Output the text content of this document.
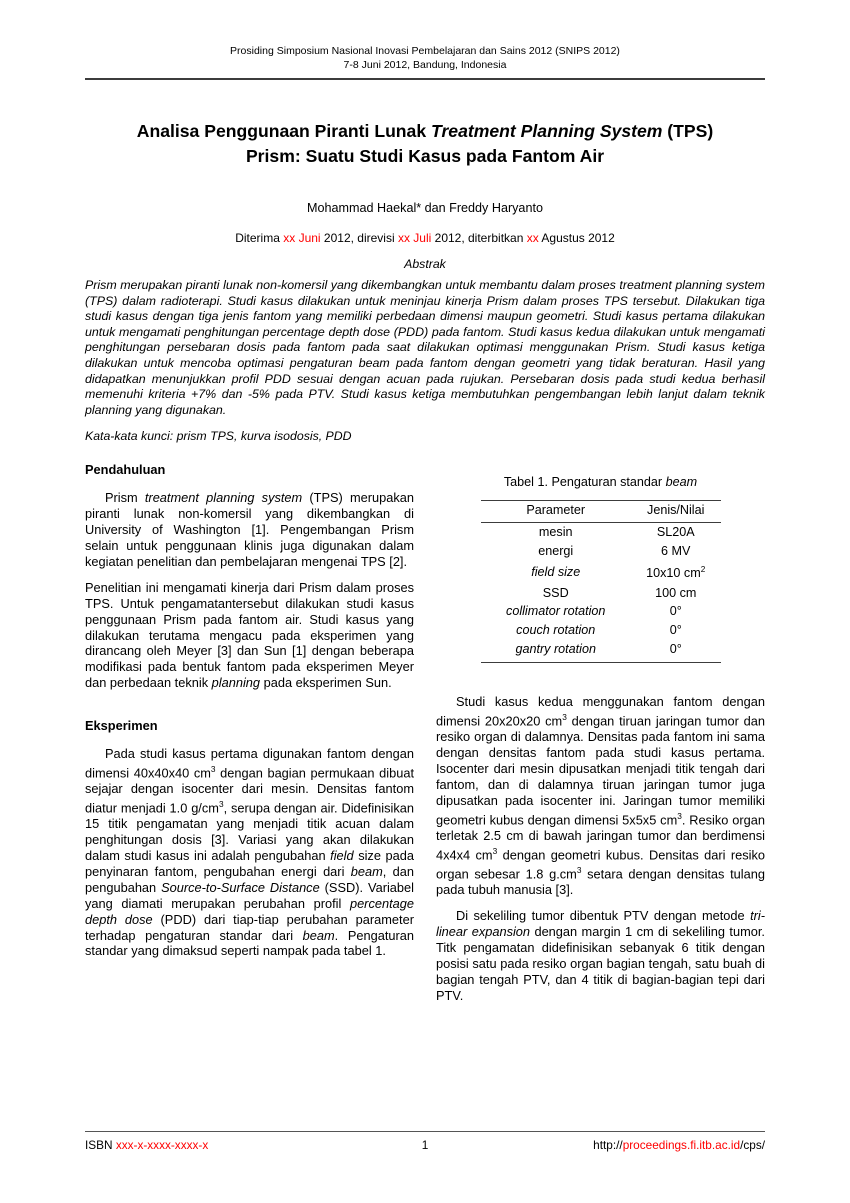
Prosiding Simposium Nasional Inovasi Pembelajaran dan Sains 2012 (SNIPS 2012)
7-8 Juni 2012, Bandung, Indonesia
Analisa Penggunaan Piranti Lunak Treatment Planning System (TPS)
Prism: Suatu Studi Kasus pada Fantom Air
Mohammad Haekal* dan Freddy Haryanto
Diterima xx Juni 2012, direvisi xx Juli 2012, diterbitkan xx Agustus 2012
Abstrak

Prism merupakan piranti lunak non-komersil yang dikembangkan untuk membantu dalam proses treatment planning system (TPS) dalam radioterapi. Studi kasus dilakukan untuk meninjau kinerja Prism dalam proses TPS tersebut. Dilakukan tiga studi kasus dengan tiga jenis fantom yang memiliki perbedaan dimensi maupun geometri. Studi kasus pertama dilakukan untuk mengamati penghitungan percentage depth dose (PDD) pada fantom. Studi kasus kedua dilakukan untuk mengamati penghitungan persebaran dosis pada fantom pada saat dilakukan optimasi menggunakan Prism. Studi kasus ketiga dilakukan untuk mencoba optimasi pengaturan beam pada fantom dengan geometri yang tidak beraturan. Hasil yang didapatkan menunjukkan profil PDD sesuai dengan acuan pada rujukan. Persebaran dosis pada studi kedua berhasil memenuhi kriteria +7% dan -5% pada PTV. Studi kasus ketiga membutuhkan pengembangan lebih lanjut dalam teknik planning yang digunakan.

Kata-kata kunci: prism TPS, kurva isodosis, PDD

Pendahuluan

Prism treatment planning system (TPS) merupakan piranti lunak non-komersil yang dikembangkan di University of Washington [1]. Pengembangan Prism selain untuk penggunaan klinis juga digunakan dalam kegiatan penelitian dan pembelajaran mengenai TPS [2].

Penelitian ini mengamati kinerja dari Prism dalam proses TPS. Untuk pengamatantersebut dilakukan studi kasus penggunaan Prism pada fantom air. Studi kasus yang dilakukan terutama mengacu pada eksperimen yang dirancang oleh Meyer [3] dan Sun [1] dengan beberapa modifikasi pada bentuk fantom pada eksperimen Meyer dan perbedaan teknik planning pada eksperimen Sun.

Eksperimen

Pada studi kasus pertama digunakan fantom dengan dimensi 40x40x40 $cm^3$ dengan bagian permukaan dibuat sejajar dengan isocenter dari mesin. Densitas fantom diatur menjadi 1.0 $g/cm^3$, serupa dengan air. Didefinisikan 15 titik pengamatan yang menjadi titik acuan dalam penghitungan dosis [3]. Variasi yang akan dilakukan dalam studi kasus ini adalah pengubahan field size pada penyinaran fantom, pengubahan energi dari beam, dan pengubahan Source-to-Surface Distance (SSD). Variabel yang diamati merupakan perubahan profil percentage depth dose (PDD) dari tiap-tiap perubahan parameter terhadap pengaturan standar dari beam. Pengaturan standar yang dimaksud seperti nampak pada tabel 1.

Tabel 1. Pengaturan standar beam
Parameter	Jenis/Nilai
mesin	SL20A
energi	6 MV
field size	10x10 $cm^2$
SSD	100 cm
collimator rotation	0°
couch rotation	0°
gantry rotation	0°

Studi kasus kedua menggunakan fantom dengan dimensi 20x20x20 $cm^3$ dengan tiruan jaringan tumor dan resiko organ di dalamnya. Densitas pada fantom ini sama dengan densitas fantom pada studi kasus pertama. Isocenter dari mesin dipusatkan menjadi titik tengah dari fantom, dan di dalamnya tiruan jaringan tumor juga dipusatkan pada isocenter ini. Jaringan tumor memiliki geometri kubus dengan dimensi 5x5x5 $cm^3$. Resiko organ terletak 2.5 cm di bawah jaringan tumor dan berdimensi 4x4x4 $cm^3$ dengan geometri kubus. Densitas dari resiko organ sebesar 1.8 $g.cm^3$ setara dengan densitas tulang pada tubuh manusia [3].

Di sekeliling tumor dibentuk PTV dengan metode tri-linear expansion dengan margin 1 cm di sekeliling tumor. Titk pengamatan didefinisikan sebanyak 6 titik dengan posisi satu pada resiko organ bagian tengah, satu buah di bagian tengah PTV, dan 4 titik di bagian-bagian tepi dari PTV.

ISBN xxx-x-xxxx-xxxx-x	1	http://proceedings.fi.itb.ac.id/cps/
